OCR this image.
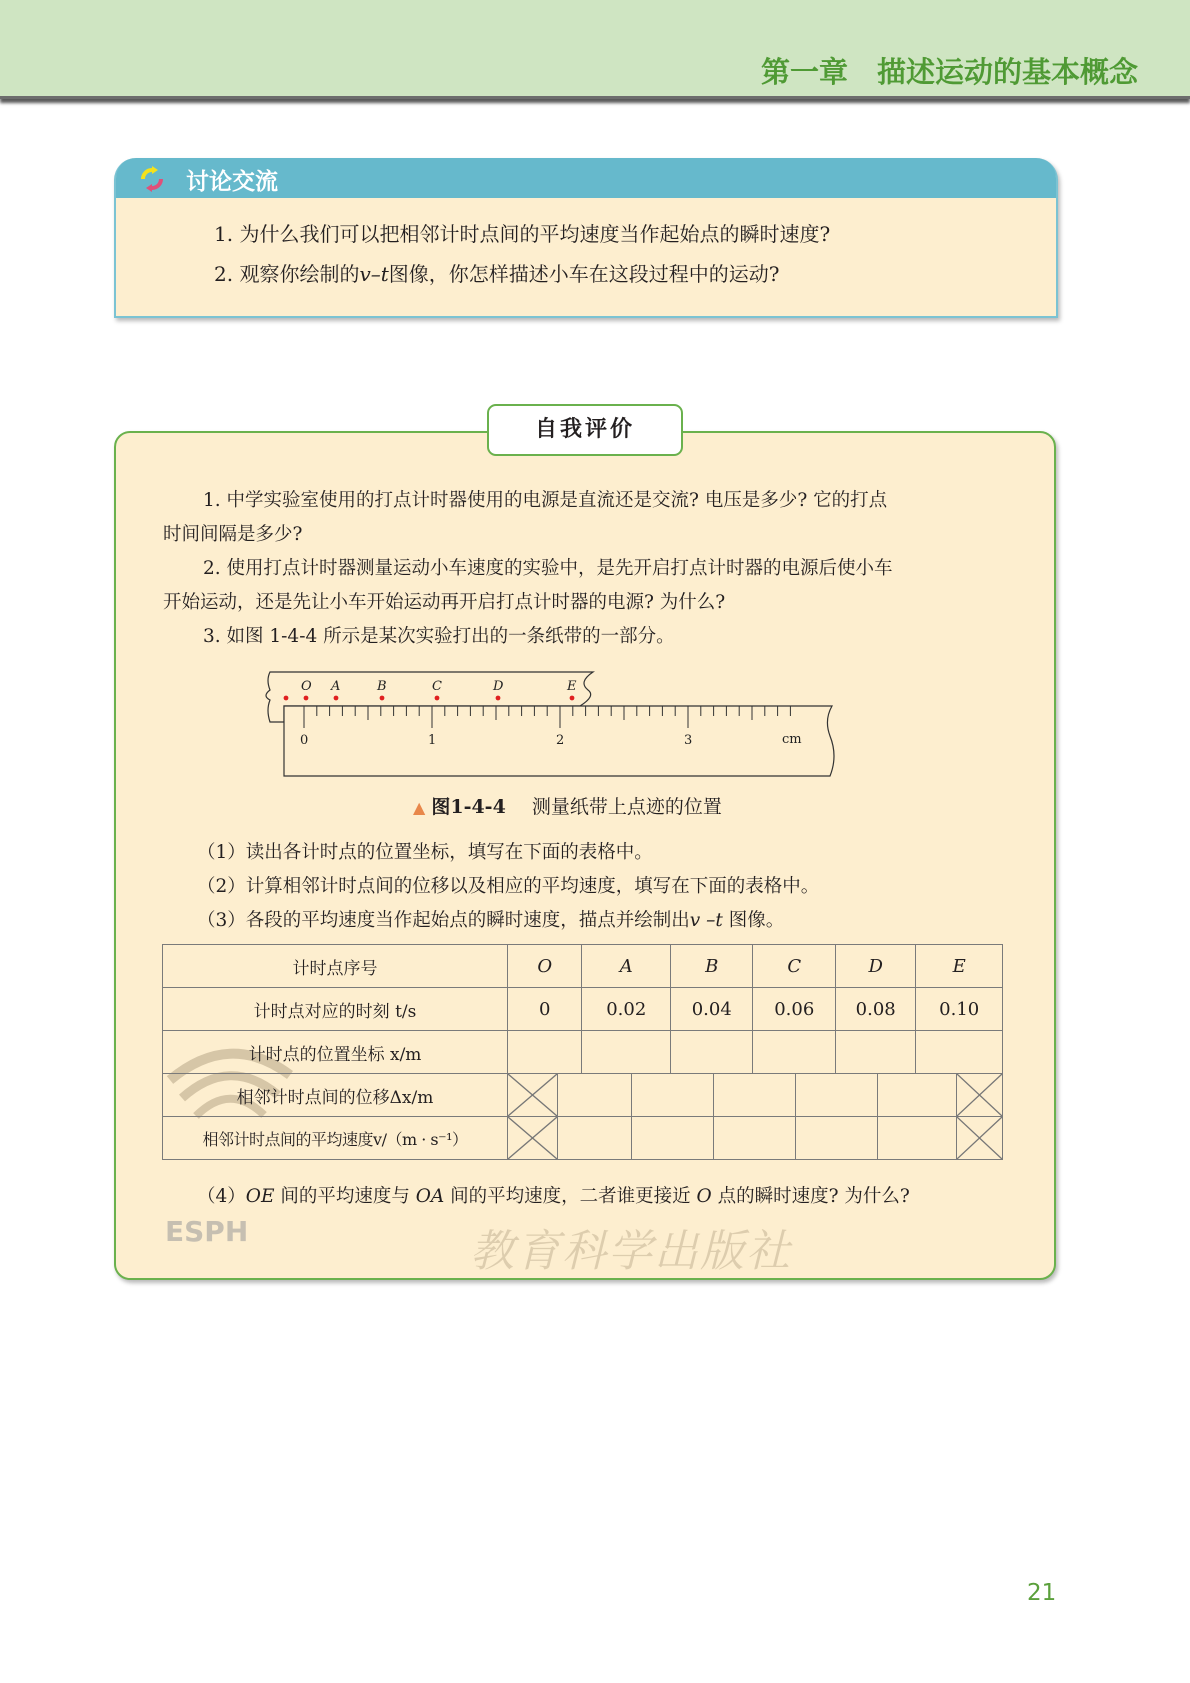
第一章　描述运动的基本概念
讨论交流
1. 为什么我们可以把相邻计时点间的平均速度当作起始点的瞬时速度?
2. 观察你绘制的v–t图像，你怎样描述小车在这段过程中的运动?
自我评价
1. 中学实验室使用的打点计时器使用的电源是直流还是交流? 电压是多少? 它的打点
时间间隔是多少?
2. 使用打点计时器测量运动小车速度的实验中，是先开启打点计时器的电源后使小车
开始运动，还是先让小车开始运动再开启打点计时器的电源? 为什么?
3. 如图 1-4-4 所示是某次实验打出的一条纸带的一部分。
0	1	2	3
O A	B	C	D	E
cm
▲ 图1-4-4 测量纸带上点迹的位置
（1）读出各计时点的位置坐标，填写在下面的表格中。
（2）计算相邻计时点间的位移以及相应的平均速度，填写在下面的表格中。
（3）各段的平均速度当作起始点的瞬时速度，描点并绘制出v –t 图像。
计时点序号	O	A	B	C	D	E
计时点对应的时刻 t/s	0	0.02	0.04	0.06	0.08	0.10
计时点的位置坐标 x/m						
相邻计时点间的位移Δx/m	

相邻计时点间的平均速度v/（m · s⁻¹）	
教育科学出版社
ESPH
（4）OE 间的平均速度与 OA 间的平均速度，二者谁更接近 O 点的瞬时速度? 为什么?
21
